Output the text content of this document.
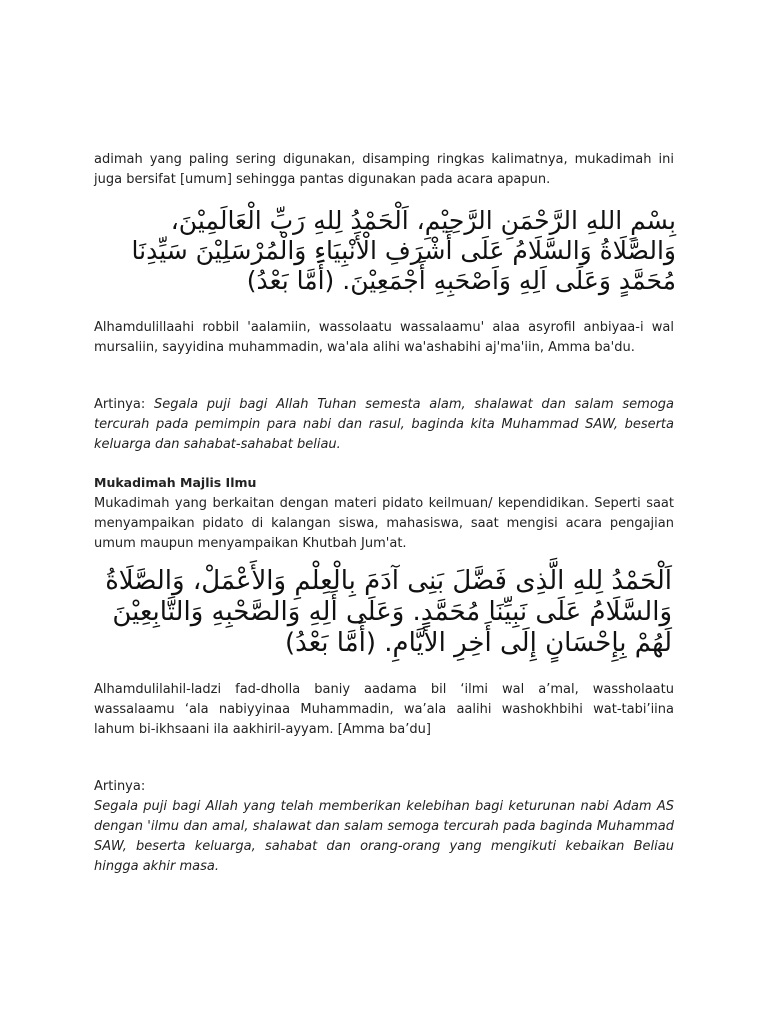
adimah yang paling sering digunakan, disamping ringkas kalimatnya, mukadimah ini juga bersifat [umum] sehingga pantas digunakan pada acara apapun.

بِسْمِ اللهِ الرَّحْمَنِ الرَّحِيْمِ، اَلْحَمْدُ لِلهِ رَبِّ الْعَالَمِيْنَ،
وَالصَّلَاةُ وَالسَّلَامُ عَلَى أَشْرَفِ الْأَنْبِيَاءِ وَالْمُرْسَلِيْنَ سَيِّدِنَا
مُحَمَّدٍ وَعَلَى اَلِهِ وَاَصْحَبِهِ أَجْمَعِيْنَ. (أَمَّا بَعْدُ)

Alhamdulillaahi robbil 'aalamiin, wassolaatu wassalaamu' alaa asyrofil anbiyaa-i wal mursaliin, sayyidina muhammadin, wa'ala alihi wa'ashabihi aj'ma'iin, Amma ba'du.

Artinya: Segala puji bagi Allah Tuhan semesta alam, shalawat dan salam semoga tercurah pada pemimpin para nabi dan rasul, baginda kita Muhammad SAW, beserta keluarga dan sahabat-sahabat beliau.

Mukadimah Majlis Ilmu

Mukadimah yang berkaitan dengan materi pidato keilmuan/ kependidikan. Seperti saat menyampaikan pidato di kalangan siswa, mahasiswa, saat mengisi acara pengajian umum maupun menyampaikan Khutbah Jum'at.

اَلْحَمْدُ لِلهِ الَّذِى فَضَّلَ بَنِى آدَمَ بِالْعِلْمِ وَالأَعْمَلْ، وَالصَّلَاةُ
وَالسَّلَامُ عَلَى نَبِيِّنَا مُحَمَّدٍ. وَعَلَى أَلِهِ وَالصَّحْبِهِ وَالتَّابِعِيْنَ
لَهُمْ بِإِحْسَانٍ إِلَى أَخِرِ الأَيَّامِ. (أَمَّا بَعْدُ)

Alhamdulilahil-ladzi fad-dholla baniy aadama bil ‘ilmi wal a’mal, wassholaatu wassalaamu ‘ala nabiyyinaa Muhammadin, wa’ala aalihi washokhbihi wat-tabi’iina lahum bi-ikhsaani ila aakhiril-ayyam. [Amma ba’du]

Artinya:

Segala puji bagi Allah yang telah memberikan kelebihan bagi keturunan nabi Adam AS dengan 'ilmu dan amal, shalawat dan salam semoga tercurah pada baginda Muhammad SAW, beserta keluarga, sahabat dan orang-orang yang mengikuti kebaikan Beliau hingga akhir masa.
